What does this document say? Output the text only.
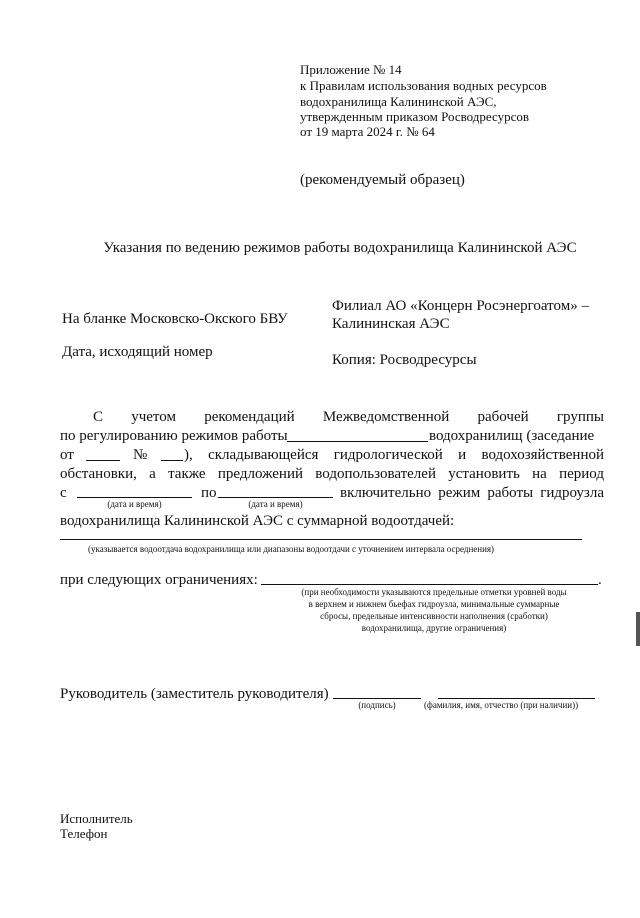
Приложение № 14
к Правилам использования водных ресурсов
водохранилища Калининской АЭС,
утвержденным приказом Росводресурсов
от 19 марта 2024 г. № 64
(рекомендуемый образец)
Указания по ведению режимов работы водохранилища Калининской АЭС
На бланке Московско-Окского БВУ
Дата, исходящий номер
Филиал АО «Концерн Росэнергоатом» –
Калининская АЭС
Копия: Росводресурсы
С учетом рекомендаций Межведомственной рабочей группы
по регулированию режимов работы	водохранилищ (заседание
от	№ ), складывающейся гидрологической и водохозяйственной
обстановки, а также предложений водопользователей установить на период
с	по	включительно режим работы гидроузла
(дата и время)	(дата и время)
водохранилища Калининской АЭС с суммарной водоотдачей:
(указывается водоотдача водохранилища или диапазоны водоотдачи с уточнением интервала осреднения)
при следующих ограничениях:	.
(при необходимости указываются предельные отметки уровней воды
в верхнем и нижнем бьефах гидроузла, минимальные суммарные
сбросы, предельные интенсивности наполнения (сработки)
водохранилища, другие ограничения)
Руководитель (заместитель руководителя)
(подпись)	(фамилия, имя, отчество (при наличии))
Исполнитель
Телефон
